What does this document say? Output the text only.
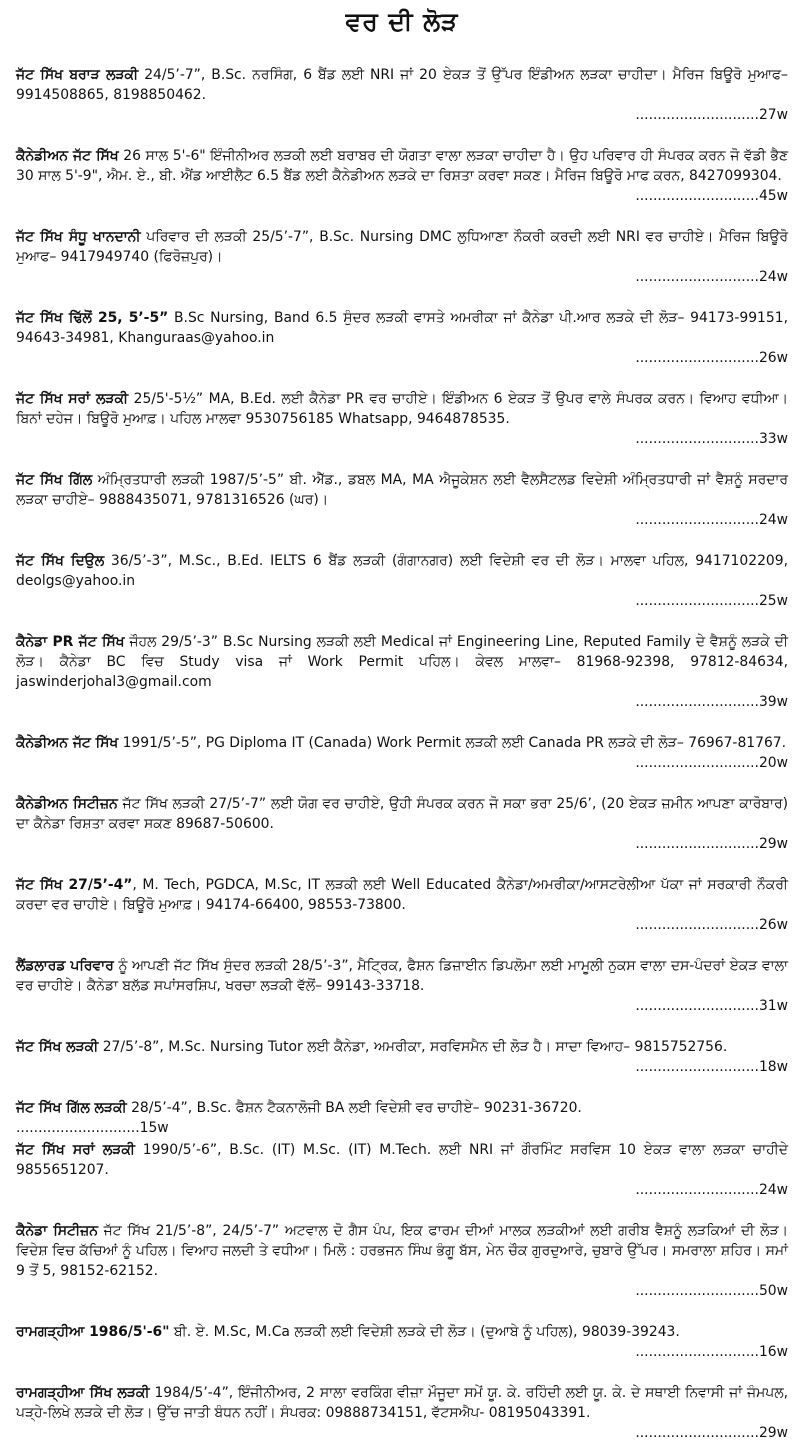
ਵਰ ਦੀ ਲੋੜ

ਜੱਟ ਸਿੱਖ ਬਰਾੜ ਲੜਕੀ 24/5’-7”, B.Sc. ਨਰਸਿੰਗ, 6 ਬੈਂਡ ਲਈ NRI ਜਾਂ 20 ਏਕੜ ਤੋਂ ਉੱਪਰ ਇੰਡੀਅਨ ਲੜਕਾ ਚਾਹੀਦਾ। ਮੈਰਿਜ ਬਿਊਰੋ ਮੁਆਫ– 9914508865, 8198850462.
............................27w

ਕੈਨੇਡੀਅਨ ਜੱਟ ਸਿੱਖ 26 ਸਾਲ 5'-6" ਇੰਜੀਨੀਅਰ ਲੜਕੀ ਲਈ ਬਰਾਬਰ ਦੀ ਯੋਗਤਾ ਵਾਲਾ ਲੜਕਾ ਚਾਹੀਦਾ ਹੈ। ਉਹ ਪਰਿਵਾਰ ਹੀ ਸੰਪਰਕ ਕਰਨ ਜੋ ਵੱਡੀ ਭੈਣ 30 ਸਾਲ 5'-9", ਐਮ. ਏ., ਬੀ. ਐਂਡ ਆਈਲੈਟ 6.5 ਬੈਂਡ ਲਈ ਕੈਨੇਡੀਅਨ ਲੜਕੇ ਦਾ ਰਿਸ਼ਤਾ ਕਰਵਾ ਸਕਣ। ਮੈਰਿਜ ਬਿਊਰੋ ਮਾਫ ਕਰਨ, 8427099304.
............................45w

ਜੱਟ ਸਿੱਖ ਸੰਧੂ ਖਾਨਦਾਨੀ ਪਰਿਵਾਰ ਦੀ ਲੜਕੀ 25/5’-7”, B.Sc. Nursing DMC ਲੁਧਿਆਣਾ ਨੌਕਰੀ ਕਰਦੀ ਲਈ NRI ਵਰ ਚਾਹੀਏ। ਮੈਰਿਜ ਬਿਊਰੋ ਮੁਆਫ– 9417949740 (ਫਿਰੋਜ਼ਪੁਰ)।
............................24w

ਜੱਟ ਸਿੱਖ ਢਿੱਲੋਂ 25, 5’-5” B.Sc Nursing, Band 6.5 ਸੁੰਦਰ ਲੜਕੀ ਵਾਸਤੇ ਅਮਰੀਕਾ ਜਾਂ ਕੈਨੇਡਾ ਪੀ.ਆਰ ਲੜਕੇ ਦੀ ਲੋੜ– 94173-99151, 94643-34981, Khanguraas@yahoo.in
............................26w

ਜੱਟ ਸਿੱਖ ਸਰਾਂ ਲੜਕੀ 25/5'-5½” MA, B.Ed. ਲਈ ਕੈਨੇਡਾ PR ਵਰ ਚਾਹੀਏ। ਇੰਡੀਅਨ 6 ਏਕੜ ਤੋਂ ਉਪਰ ਵਾਲੇ ਸੰਪਰਕ ਕਰਨ। ਵਿਆਹ ਵਧੀਆ। ਬਿਨਾਂ ਦਹੇਜ। ਬਿਊਰੋ ਮੁਆਫ਼। ਪਹਿਲ ਮਾਲਵਾ 9530756185 Whatsapp, 9464878535.
............................33w

ਜੱਟ ਸਿੱਖ ਗਿੱਲ ਅੰਮ੍ਰਿਤਧਾਰੀ ਲੜਕੀ 1987/5’-5” ਬੀ. ਐੱਡ., ਡਬਲ MA, MA ਐਜੂਕੇਸ਼ਨ ਲਈ ਵੈਲਸੈਟਲਡ ਵਿਦੇਸ਼ੀ ਅੰਮ੍ਰਿਤਧਾਰੀ ਜਾਂ ਵੈਸ਼ਨੂੰ ਸਰਦਾਰ ਲੜਕਾ ਚਾਹੀਏ– 9888435071, 9781316526 (ਘਰ)।
............................24w

ਜੱਟ ਸਿੱਖ ਦਿਉਲ 36/5’-3”, M.Sc., B.Ed. IELTS 6 ਬੈਂਡ ਲੜਕੀ (ਗੰਗਾਨਗਰ) ਲਈ ਵਿਦੇਸ਼ੀ ਵਰ ਦੀ ਲੋੜ। ਮਾਲਵਾ ਪਹਿਲ, 9417102209, deolgs@yahoo.in
............................25w

ਕੈਨੇਡਾ PR ਜੱਟ ਸਿੱਖ ਜੌਹਲ 29/5’-3” B.Sc Nursing ਲੜਕੀ ਲਈ Medical ਜਾਂ Engineering Line, Reputed Family ਦੇ ਵੈਸ਼ਨੂੰ ਲੜਕੇ ਦੀ ਲੋੜ। ਕੈਨੇਡਾ BC ਵਿਚ Study visa ਜਾਂ Work Permit ਪਹਿਲ। ਕੇਵਲ ਮਾਲਵਾ– 81968-92398, 97812-84634, jaswinderjohal3@gmail.com
............................39w

ਕੈਨੇਡੀਅਨ ਜੱਟ ਸਿੱਖ 1991/5’-5”, PG Diploma IT (Canada) Work Permit ਲੜਕੀ ਲਈ Canada PR ਲੜਕੇ ਦੀ ਲੋੜ– 76967-81767.
............................20w

ਕੈਨੇਡੀਅਨ ਸਿਟੀਜ਼ਨ ਜੱਟ ਸਿੱਖ ਲੜਕੀ 27/5’-7” ਲਈ ਯੋਗ ਵਰ ਚਾਹੀਏ, ਉਹੀ ਸੰਪਰਕ ਕਰਨ ਜੋ ਸਕਾ ਭਰਾ 25/6’, (20 ਏਕੜ ਜ਼ਮੀਨ ਆਪਣਾ ਕਾਰੋਬਾਰ) ਦਾ ਕੈਨੇਡਾ ਰਿਸ਼ਤਾ ਕਰਵਾ ਸਕਣ 89687-50600.
............................29w

ਜੱਟ ਸਿੱਖ 27/5’-4”, M. Tech, PGDCA, M.Sc, IT ਲੜਕੀ ਲਈ Well Educated ਕੈਨੇਡਾ/ਅਮਰੀਕਾ/ਆਸਟਰੇਲੀਆ ਪੱਕਾ ਜਾਂ ਸਰਕਾਰੀ ਨੌਕਰੀ ਕਰਦਾ ਵਰ ਚਾਹੀਏ। ਬਿਊਰੋ ਮੁਆਫ਼। 94174-66400, 98553-73800.
............................26w

ਲੈਂਡਲਾਰਡ ਪਰਿਵਾਰ ਨੂੰ ਆਪਣੀ ਜੱਟ ਸਿੱਖ ਸੁੰਦਰ ਲੜਕੀ 28/5’-3”, ਮੈਟ੍ਰਿਕ, ਫੈਸ਼ਨ ਡਿਜ਼ਾਈਨ ਡਿਪਲੋਮਾ ਲਈ ਮਾਮੂਲੀ ਨੁਕਸ ਵਾਲਾ ਦਸ-ਪੰਦਰਾਂ ਏਕੜ ਵਾਲਾ ਵਰ ਚਾਹੀਏ। ਕੈਨੇਡਾ ਬਲੱਡ ਸਪਾਂਸਰਸ਼ਿਪ, ਖਰਚਾ ਲੜਕੀ ਵੱਲੋਂ– 99143-33718.
............................31w

ਜੱਟ ਸਿੱਖ ਲੜਕੀ 27/5’-8”, M.Sc. Nursing Tutor ਲਈ ਕੈਨੇਡਾ, ਅਮਰੀਕਾ, ਸਰਵਿਸਮੈਨ ਦੀ ਲੋੜ ਹੈ। ਸਾਦਾ ਵਿਆਹ– 9815752756.
............................18w

ਜੱਟ ਸਿੱਖ ਗਿੱਲ ਲੜਕੀ 28/5’-4”, B.Sc. ਫੈਸ਼ਨ ਟੈਕਨਾਲੋਜੀ BA ਲਈ ਵਿਦੇਸ਼ੀ ਵਰ ਚਾਹੀਏ– 90231-36720.
............................15w

ਜੱਟ ਸਿੱਖ ਸਰਾਂ ਲੜਕੀ 1990/5’-6”, B.Sc. (IT) M.Sc. (IT) M.Tech. ਲਈ NRI ਜਾਂ ਗੌਰਮਿੰਟ ਸਰਵਿਸ 10 ਏਕੜ ਵਾਲਾ ਲੜਕਾ ਚਾਹੀਦੇ 9855651207.
............................24w

ਕੈਨੇਡਾ ਸਿਟੀਜ਼ਨ ਜੱਟ ਸਿੱਖ 21/5’-8”, 24/5’-7” ਅਟਵਾਲ ਦੋ ਗੈਸ ਪੰਪ, ਇਕ ਫਾਰਮ ਦੀਆਂ ਮਾਲਕ ਲੜਕੀਆਂ ਲਈ ਗਰੀਬ ਵੈਸ਼ਨੂੰ ਲੜਕਿਆਂ ਦੀ ਲੋੜ। ਵਿਦੇਸ਼ ਵਿਚ ਕੱਚਿਆਂ ਨੂੰ ਪਹਿਲ। ਵਿਆਹ ਜਲਦੀ ਤੇ ਵਧੀਆ। ਮਿਲੋ : ਹਰਭਜਨ ਸਿੰਘ ਭੰਗੂ ਬੱਸ, ਮੇਨ ਚੌਕ ਗੁਰਦੁਆਰੇ, ਚੁਬਾਰੇ ਉੱਪਰ। ਸਮਰਾਲਾ ਸ਼ਹਿਰ। ਸਮਾਂ 9 ਤੋਂ 5, 98152-62152.
............................50w

ਰਾਮਗੜ੍ਹੀਆ 1986/5'-6" ਬੀ. ਏ. M.Sc, M.Ca ਲੜਕੀ ਲਈ ਵਿਦੇਸ਼ੀ ਲੜਕੇ ਦੀ ਲੋੜ। (ਦੁਆਬੇ ਨੂੰ ਪਹਿਲ), 98039-39243.
............................16w

ਰਾਮਗੜ੍ਹੀਆ ਸਿੱਖ ਲੜਕੀ 1984/5’-4”, ਇੰਜੀਨੀਅਰ, 2 ਸਾਲਾ ਵਰਕਿੰਗ ਵੀਜ਼ਾ ਮੌਜੂਦਾ ਸਮੇਂ ਯੂ. ਕੇ. ਰਹਿੰਦੀ ਲਈ ਯੂ. ਕੇ. ਦੇ ਸਥਾਈ ਨਿਵਾਸੀ ਜਾਂ ਜੰਮਪਲ, ਪੜ੍ਹੇ-ਲਿਖੇ ਲੜਕੇ ਦੀ ਲੋੜ। ਉੱਚ ਜਾਤੀ ਬੰਧਨ ਨਹੀਂ। ਸੰਪਰਕ: 09888734151, ਵੱਟਸਐਪ- 08195043391.
............................29w
